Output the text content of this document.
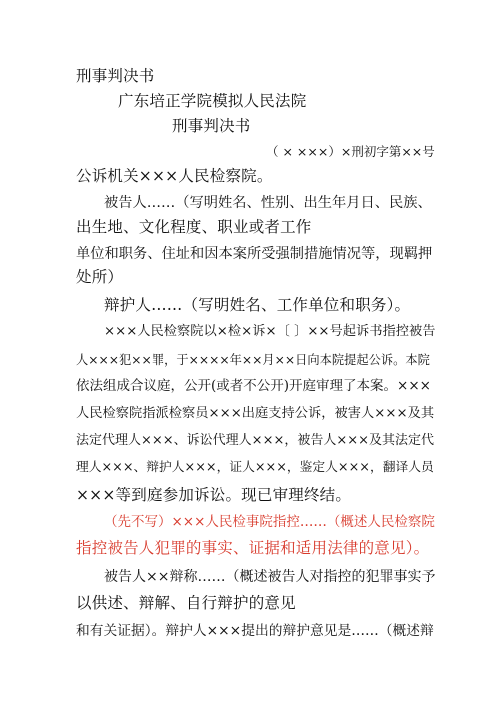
刑事判决书
广东培正学院模拟人民法院
刑事判决书
（ × ×××）×刑初字第××号
公诉机关×××人民检察院。
被告人……（写明姓名、性别、出生年月日、民族、
出生地、文化程度、职业或者工作
单位和职务、住址和因本案所受强制措施情况等，现羁押
处所）
辩护人……（写明姓名、工作单位和职务）。
×××人民检察院以×检×诉×〔 〕××号起诉书指控被告
人×××犯××罪，于××××年××月××日向本院提起公诉。本院
依法组成合议庭，公开(或者不公开)开庭审理了本案。×××
人民检察院指派检察员×××出庭支持公诉，被害人×××及其
法定代理人×××、诉讼代理人×××，被告人×××及其法定代
理人×××、辩护人×××，证人×××，鉴定人×××，翻译人员
×××等到庭参加诉讼。现已审理终结。
（先不写）×××人民检事院指控……（概述人民检察院
指控被告人犯罪的事实、证据和适用法律的意见）。
被告人××辩称……（概述被告人对指控的犯罪事实予
以供述、辩解、自行辩护的意见
和有关证据）。辩护人×××提出的辩护意见是……（概述辩
